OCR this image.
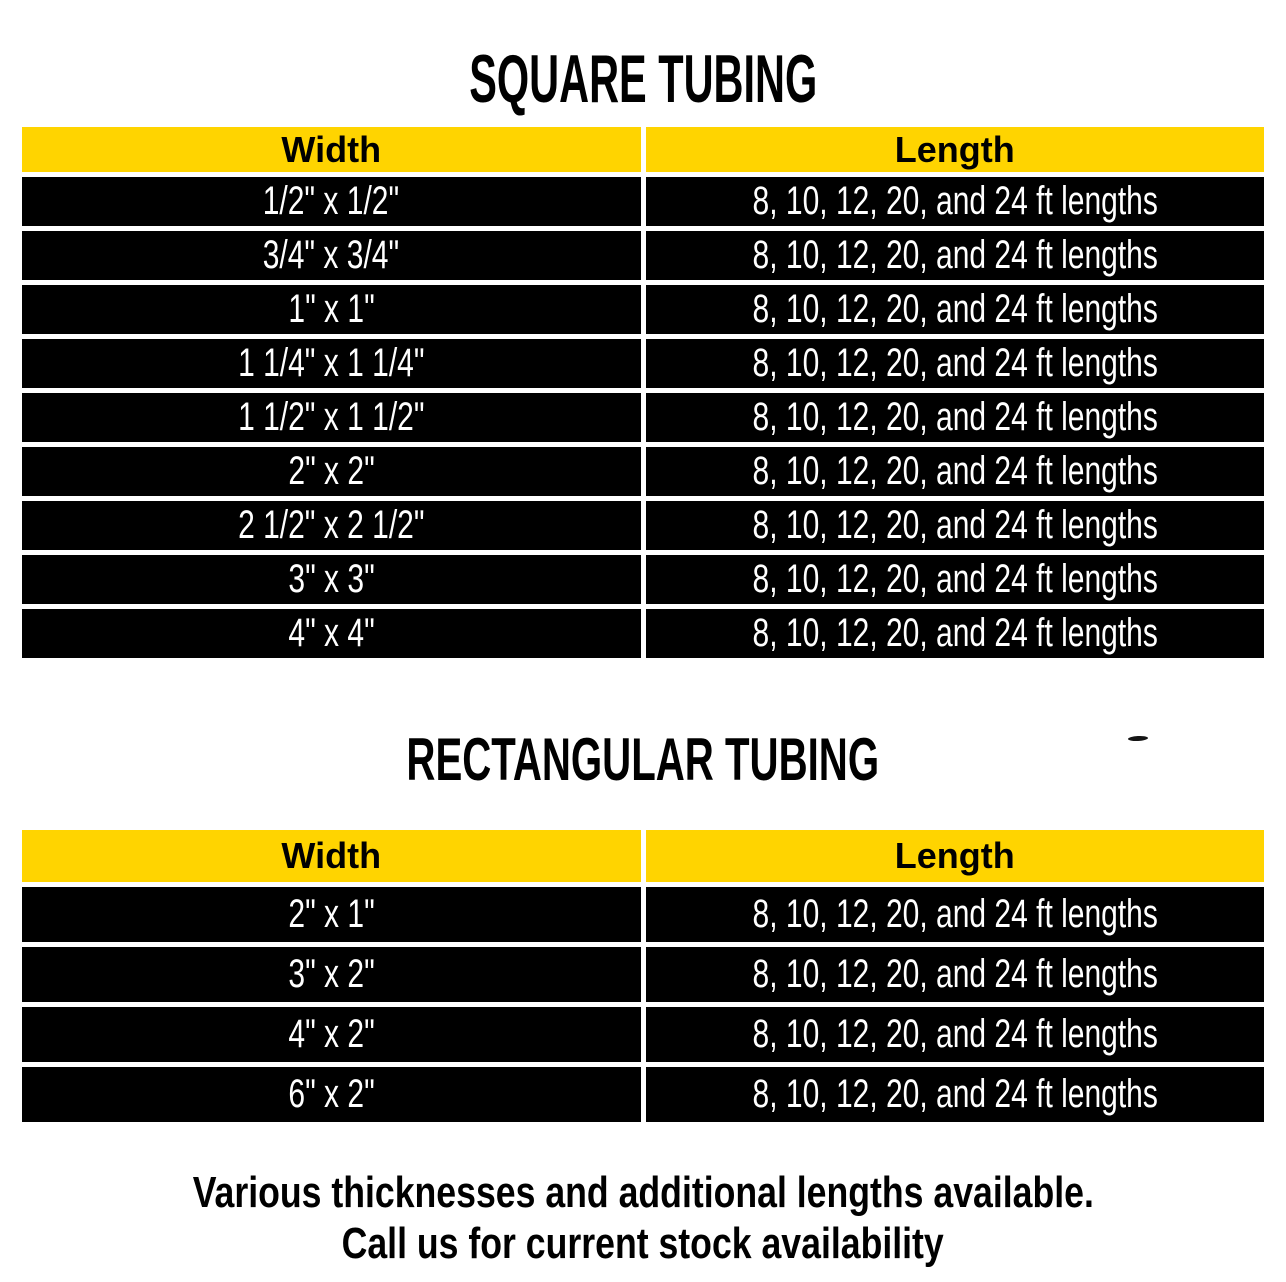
SQUARE TUBING
Width	Length
1/2" x 1/2"	8, 10, 12, 20, and 24 ft lengths
3/4" x 3/4"	8, 10, 12, 20, and 24 ft lengths
1" x 1"	8, 10, 12, 20, and 24 ft lengths
1 1/4" x 1 1/4"	8, 10, 12, 20, and 24 ft lengths
1 1/2" x 1 1/2"	8, 10, 12, 20, and 24 ft lengths
2" x 2"	8, 10, 12, 20, and 24 ft lengths
2 1/2" x 2 1/2"	8, 10, 12, 20, and 24 ft lengths
3" x 3"	8, 10, 12, 20, and 24 ft lengths
4" x 4"	8, 10, 12, 20, and 24 ft lengths
RECTANGULAR TUBING
Width	Length
2" x 1"	8, 10, 12, 20, and 24 ft lengths
3" x 2"	8, 10, 12, 20, and 24 ft lengths
4" x 2"	8, 10, 12, 20, and 24 ft lengths
6" x 2"	8, 10, 12, 20, and 24 ft lengths
Various thicknesses and additional lengths available.
Call us for current stock availability
